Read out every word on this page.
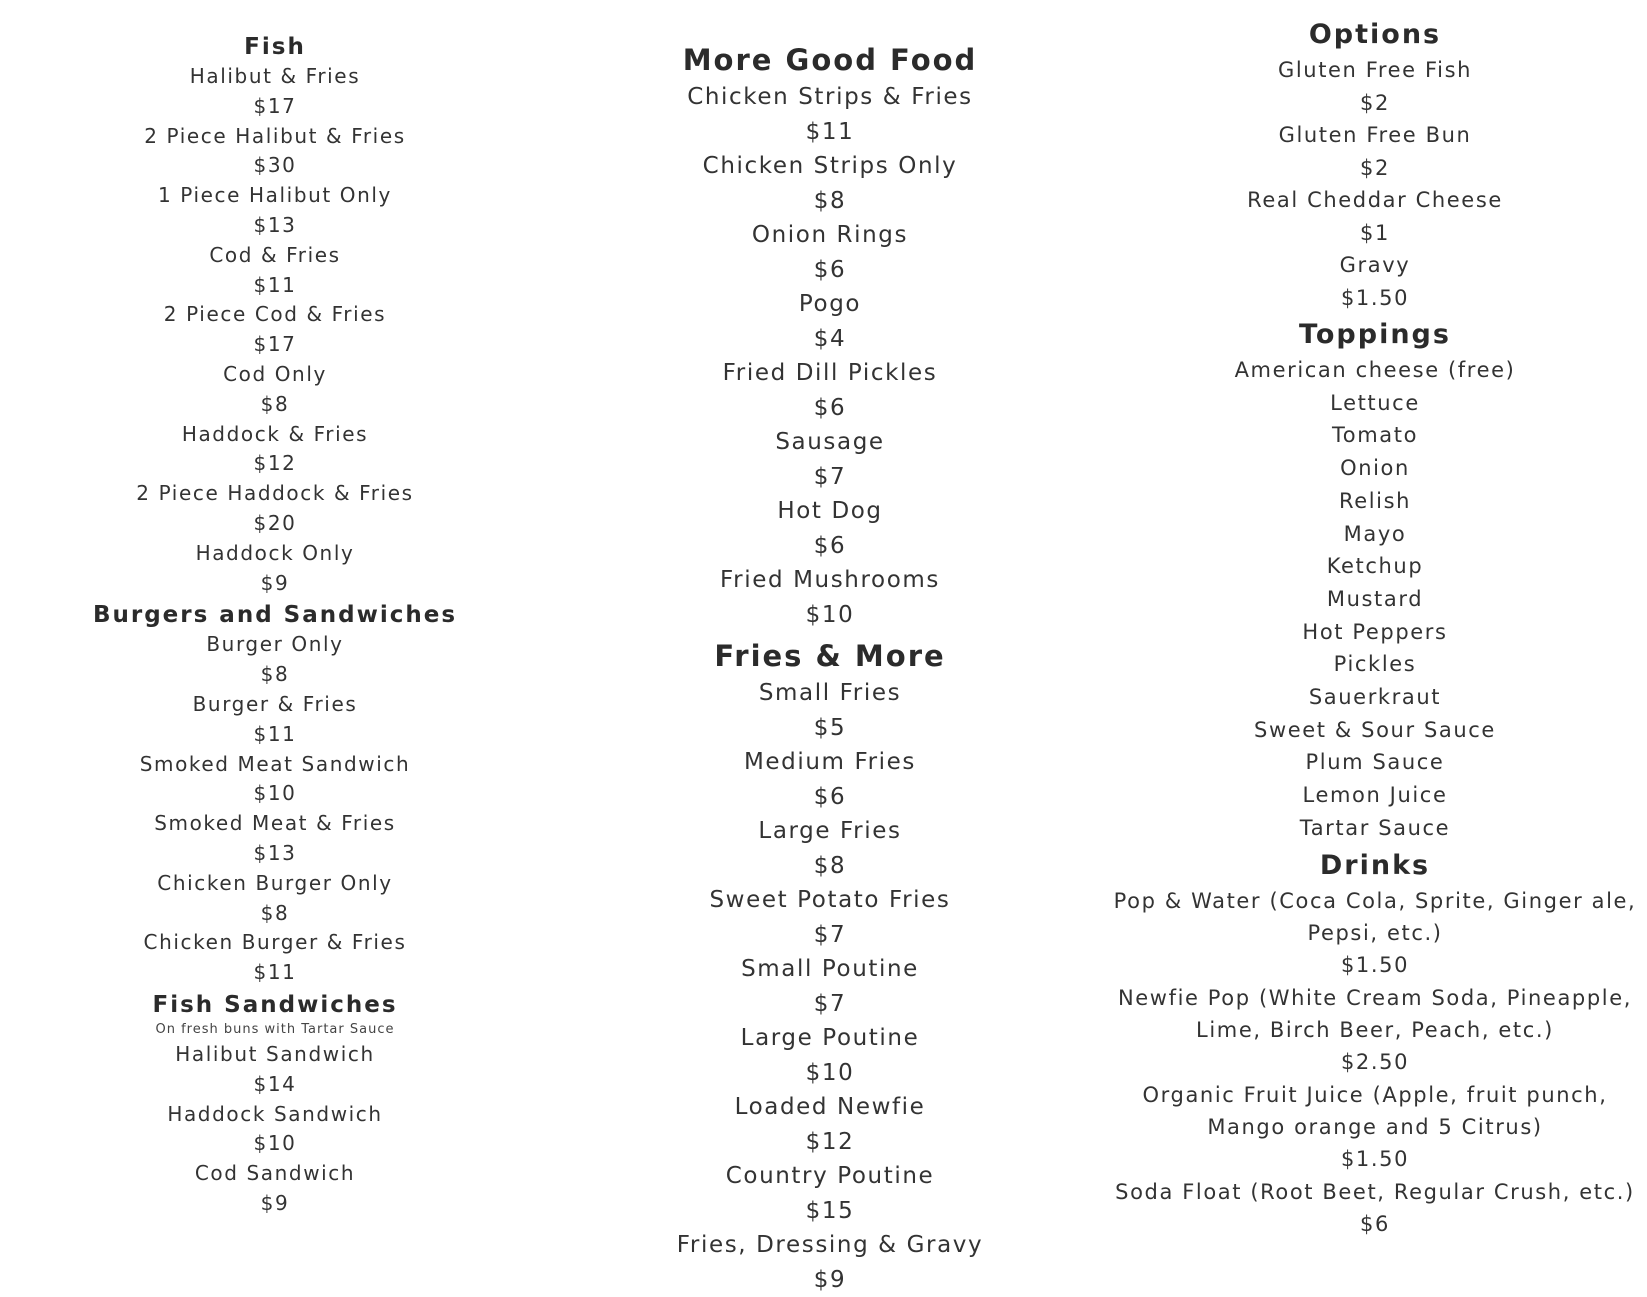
Fish
Halibut & Fries
$17
2 Piece Halibut & Fries
$30
1 Piece Halibut Only
$13
Cod & Fries
$11
2 Piece Cod & Fries
$17
Cod Only
$8
Haddock & Fries
$12
2 Piece Haddock & Fries
$20
Haddock Only
$9
Burgers and Sandwiches
Burger Only
$8
Burger & Fries
$11
Smoked Meat Sandwich
$10
Smoked Meat & Fries
$13
Chicken Burger Only
$8
Chicken Burger & Fries
$11
Fish Sandwiches
On fresh buns with Tartar Sauce
Halibut Sandwich
$14
Haddock Sandwich
$10
Cod Sandwich
$9
More Good Food
Chicken Strips & Fries
$11
Chicken Strips Only
$8
Onion Rings
$6
Pogo
$4
Fried Dill Pickles
$6
Sausage
$7
Hot Dog
$6
Fried Mushrooms
$10
Fries & More
Small Fries
$5
Medium Fries
$6
Large Fries
$8
Sweet Potato Fries
$7
Small Poutine
$7
Large Poutine
$10
Loaded Newfie
$12
Country Poutine
$15
Fries, Dressing & Gravy
$9
Options
Gluten Free Fish
$2
Gluten Free Bun
$2
Real Cheddar Cheese
$1
Gravy
$1.50
Toppings
American cheese (free)
Lettuce
Tomato
Onion
Relish
Mayo
Ketchup
Mustard
Hot Peppers
Pickles
Sauerkraut
Sweet & Sour Sauce
Plum Sauce
Lemon Juice
Tartar Sauce
Drinks
Pop & Water (Coca Cola, Sprite, Ginger ale,
Pepsi, etc.)
$1.50
Newfie Pop (White Cream Soda, Pineapple,
Lime, Birch Beer, Peach, etc.)
$2.50
Organic Fruit Juice (Apple, fruit punch,
Mango orange and 5 Citrus)
$1.50
Soda Float (Root Beet, Regular Crush, etc.)
$6
